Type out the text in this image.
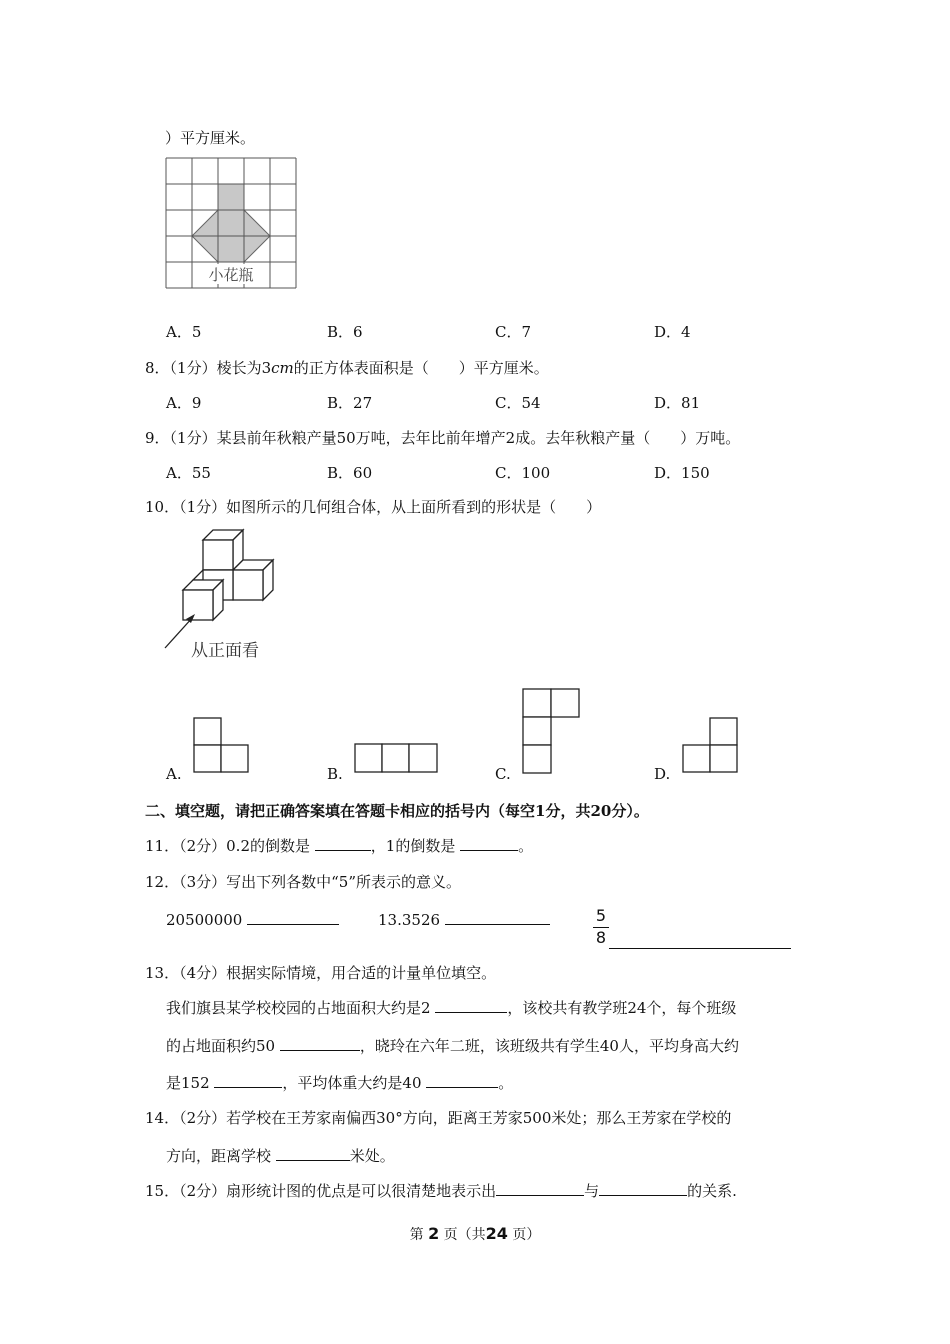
）平方厘米。
小花瓶
A．5	B．6	C．7	D．4
8．（1分）棱长为3cm的正方体表面积是（　　）平方厘米。
A．9	B．27	C．54	D．81
9．（1分）某县前年秋粮产量50万吨，去年比前年增产2成。去年秋粮产量（　　）万吨。
A．55	B．60	C．100	D．150
10．（1分）如图所示的几何组合体，从上面所看到的形状是（　　）
从正面看
A.	B.	C.	D.
二、填空题，请把正确答案填在答题卡相应的括号内（每空1分，共20分）。
11．（2分）0.2的倒数是	，1的倒数是	。
12．（3分）写出下列各数中“5”所表示的意义。
20500000	13.3526	5
8
13．（4分）根据实际情境，用合适的计量单位填空。
我们旗县某学校校园的占地面积大约是2	，该校共有教学班24个，每个班级
的占地面积约50	，晓玲在六年二班，该班级共有学生40人，平均身高大约
是152	，平均体重大约是40	。
14．（2分）若学校在王芳家南偏西30°方向，距离王芳家500米处；那么王芳家在学校的
方向，距离学校	米处。
15．（2分）扇形统计图的优点是可以很清楚地表示出	与	的关系.
第 2 页（共24 页）
